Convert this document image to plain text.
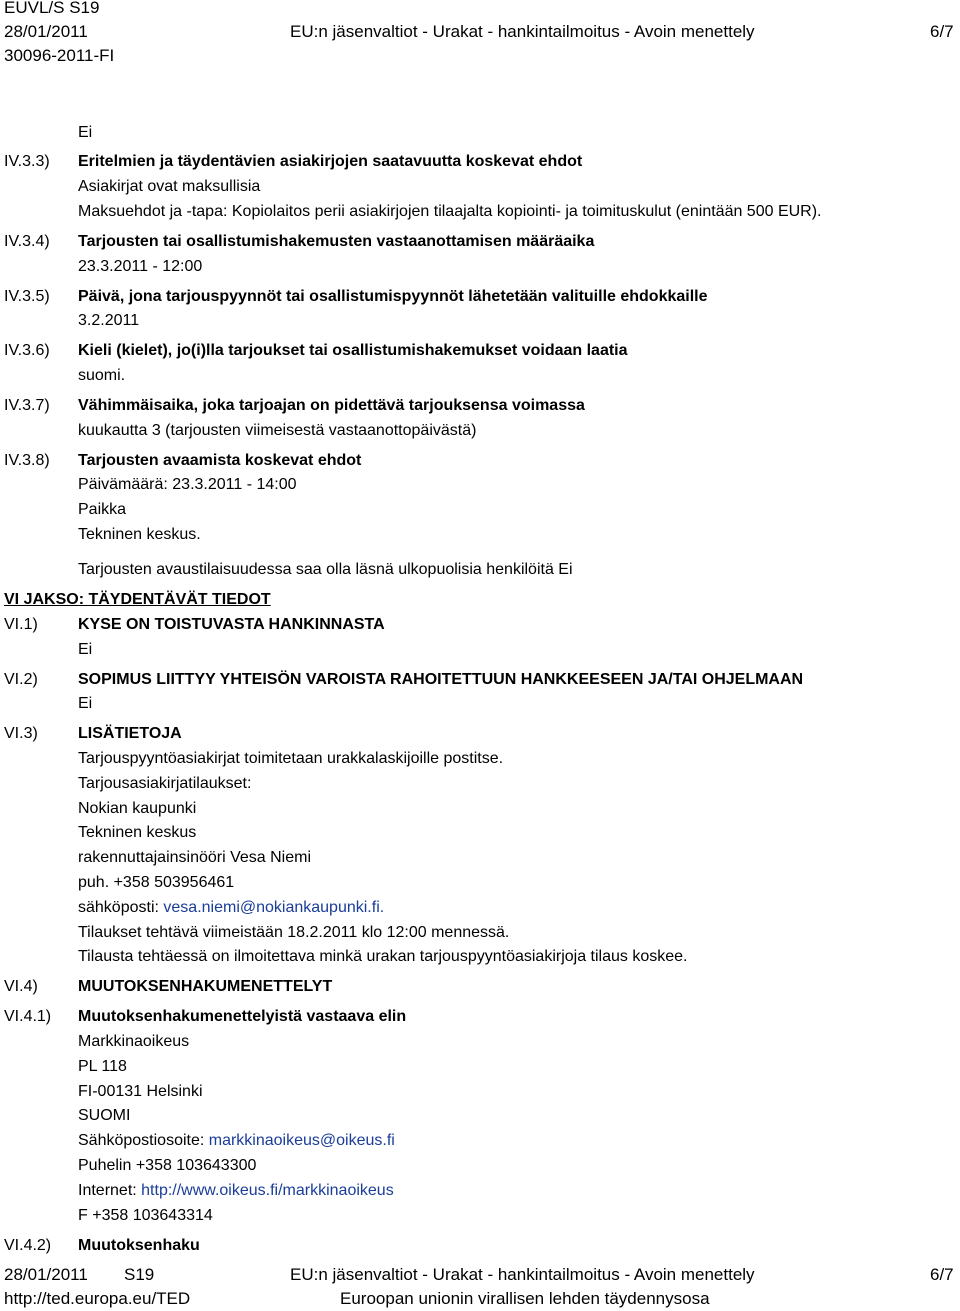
EUVL/S S19
28/01/2011
30096-2011-FI
EU:n jäsenvaltiot - Urakat - hankintailmoitus - Avoin menettely	6/7
Ei
IV.3.3) Eritelmien ja täydentävien asiakirjojen saatavuutta koskevat ehdot
Asiakirjat ovat maksullisia
Maksuehdot ja -tapa: Kopiolaitos perii asiakirjojen tilaajalta kopiointi- ja toimituskulut (enintään 500 EUR).
IV.3.4) Tarjousten tai osallistumishakemusten vastaanottamisen määräaika
23.3.2011 - 12:00
IV.3.5) Päivä, jona tarjouspyynnöt tai osallistumispyynnöt lähetetään valituille ehdokkaille
3.2.2011
IV.3.6) Kieli (kielet), jo(i)lla tarjoukset tai osallistumishakemukset voidaan laatia
suomi.
IV.3.7) Vähimmäisaika, joka tarjoajan on pidettävä tarjouksensa voimassa
kuukautta 3 (tarjousten viimeisestä vastaanottopäivästä)
IV.3.8) Tarjousten avaamista koskevat ehdot
Päivämäärä: 23.3.2011 - 14:00
Paikka
Tekninen keskus.
Tarjousten avaustilaisuudessa saa olla läsnä ulkopuolisia henkilöitä Ei
VI JAKSO: TÄYDENTÄVÄT TIEDOT
VI.1)	KYSE ON TOISTUVASTA HANKINNASTA
Ei
VI.2)	SOPIMUS LIITTYY YHTEISÖN VAROISTA RAHOITETTUUN HANKKEESEEN JA/TAI OHJELMAAN
Ei
VI.3)	LISÄTIETOJA
Tarjouspyyntöasiakirjat toimitetaan urakkalaskijoille postitse.
Tarjousasiakirjatilaukset:
Nokian kaupunki
Tekninen keskus
rakennuttajainsinööri Vesa Niemi
puh. +358 503956461
sähköposti: vesa.niemi@nokiankaupunki.fi.
Tilaukset tehtävä viimeistään 18.2.2011 klo 12:00 mennessä.
Tilausta tehtäessä on ilmoitettava minkä urakan tarjouspyyntöasiakirjoja tilaus koskee.
VI.4)	MUUTOKSENHAKUMENETTELYT
VI.4.1) Muutoksenhakumenettelyistä vastaava elin
Markkinaoikeus
PL 118
FI-00131 Helsinki
SUOMI
Sähköpostiosoite: markkinaoikeus@oikeus.fi
Puhelin +358 103643300
Internet: http://www.oikeus.fi/markkinaoikeus
F +358 103643314
VI.4.2) Muutoksenhaku
28/01/2011 S19	EU:n jäsenvaltiot - Urakat - hankintailmoitus - Avoin menettely	6/7
http://ted.europa.eu/TED	Euroopan unionin virallisen lehden täydennysosa
